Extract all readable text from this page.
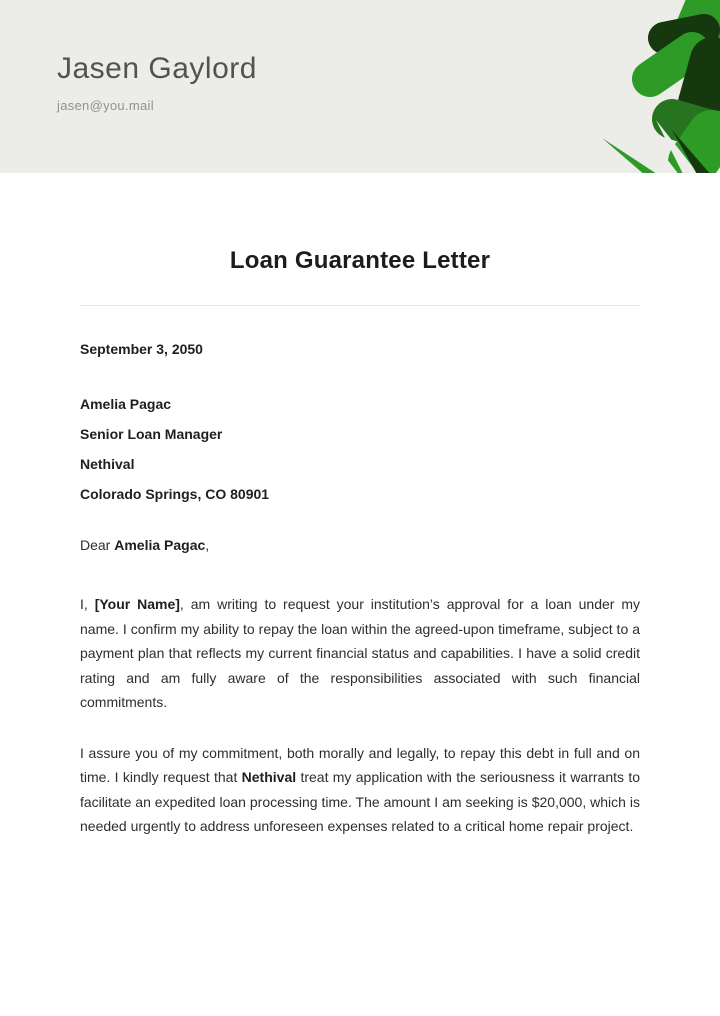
Jasen Gaylord
jasen@you.mail
Loan Guarantee Letter
September 3, 2050
Amelia Pagac
Senior Loan Manager
Nethival
Colorado Springs, CO 80901
Dear Amelia Pagac,

I, [Your Name], am writing to request your institution’s approval for a loan under my name. I confirm my ability to repay the loan within the agreed-upon timeframe, subject to a payment plan that reflects my current financial status and capabilities. I have a solid credit rating and am fully aware of the responsibilities associated with such financial commitments.

I assure you of my commitment, both morally and legally, to repay this debt in full and on time. I kindly request that Nethival treat my application with the seriousness it warrants to facilitate an expedited loan processing time. The amount I am seeking is $20,000, which is needed urgently to address unforeseen expenses related to a critical home repair project.
